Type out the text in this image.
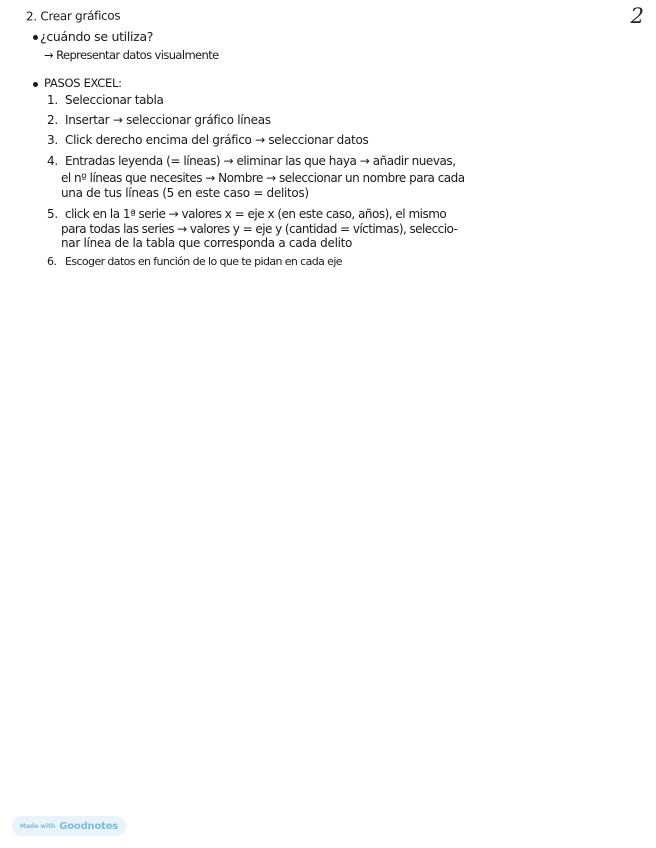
2
2. Crear gráficos
¿cuándo se utiliza?
→ Representar datos visualmente
PASOS EXCEL:
1. Seleccionar tabla
2. Insertar → seleccionar gráfico líneas
3. Click derecho encima del gráfico → seleccionar datos
4. Entradas leyenda (= líneas) → eliminar las que haya → añadir nuevas,
el nº líneas que necesites → Nombre → seleccionar un nombre para cada
una de tus líneas (5 en este caso = delitos)
5. click en la 1ª serie → valores x = eje x (en este caso, años), el mismo
para todas las series → valores y = eje y (cantidad = víctimas), seleccio-
nar línea de la tabla que corresponda a cada delito
6. Escoger datos en función de lo que te pidan en cada eje
Made with Goodnotes
